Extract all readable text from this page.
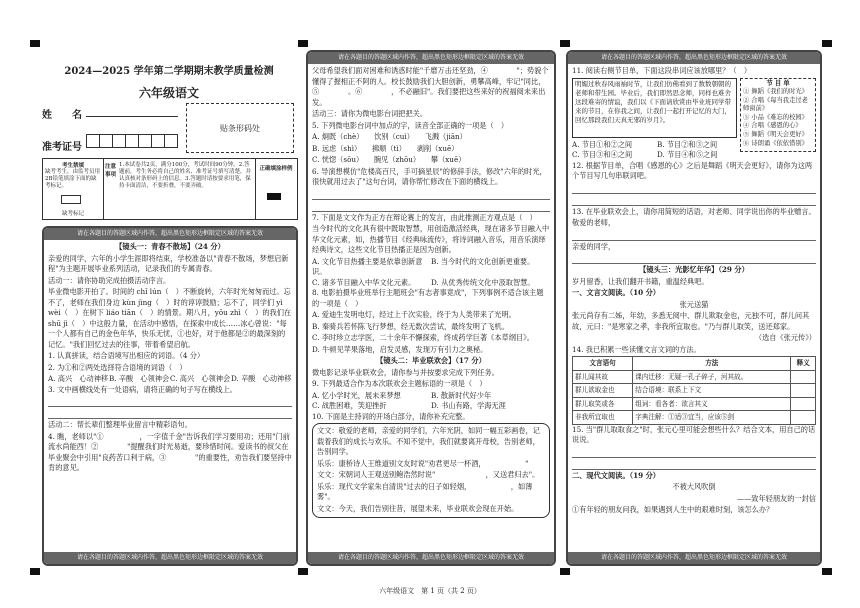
2024—2025 学年第二学期期末教学质量检测
六年级语文
姓　　名
准考证号
贴条形码处
考生禁填
缺考考生，由监考员用2B铅笔填涂下面的缺考标记。
缺考标记
注意事项
1.本试卷共2页，满分100分，考试时间90分钟。2.答题前，考生务必将自己的姓名、准考证号填写清楚，并认真核对条形码上的信息。3.答题时请按要求用笔，保持卡面清洁，不要折叠，不要弄破。
正确填涂样例
请在各题目的答题区域内作答，超出黑色矩形边框限定区域的答案无效

【镜头一：青春不散场】（24 分）

亲爱的同学，六年的小学生涯即将结束，学校准备以"青春不散场，梦想启新程"为主题开展毕业系列活动，记录我们的专属青春。

活动一：请你协助完成拍摄活动序言。

毕业微电影开拍了。时间的 chǐ lún（　）不断旋转，六年时光匆匆而过。忘不了，老师在我们身边 kùn jìng（　）时的谆谆鼓励；忘不了，同学们 yì wèi（　）在树下 liáo tiān（　）的情景。期八月，yǒu zhì（　）的我们在 shū jì（　）中这般力量，在活动中感悟，在探索中成长……冰心曾说："每一个人都有自己的金色年华，快乐无忧，①也好，对于他都是②的最深刻的记忆。"我们回忆过去的往事，带着希望启航。

1. 认真拼读，结合语境写出相应的词语。（4 分）

2. 为①和②两处选择符合语境的词语（　）

A. 高兴　心动神移 B. 辛酸　心领神会 C. 高兴　心领神会 D. 辛酸　心动神移

3. 文中画横线处有一处语病，请将正确的句子写在横线上。

活动二：帮长辈们整理毕业留言中精彩语句。

4. 瞧，老师以"①　　　　　，一字值千金"告诉我们学习要用功；还用"门前流水尚能西！②　　　　"提醒我们时光易逝，要珍惜时间。爱读书的叔父在毕业聚会中引用"良药苦口利于病，③　　　　"的重要性，劝告我们要坚持中肯的意见。

请在各题目的答题区域内作答，超出黑色矩形边框限定区域的答案无效
请在各题目的答题区域内作答，超出黑色矩形边框限定区域的答案无效

父母希望我们面对困难和诱惑时能"千磨万击还坚劲，④　　　　"；势貌个懂得了握相正不阿的人。校长鼓励我们大胆创新，勇攀高峰，牢记"同比，⑤　　　　。⑥　　　　，不必融旧"。我们要把这些来好的祝福阅未来出发。

活动三：请你为微电影台词把把关。

5. 下列微电影台词中加点的字，读音全部正确的一项是（　）

A. 炯既（chè）　　饮别（cuì）　　飞溅（jiān）

B. 远虑（shì）　　拂顺（tì）　　剥削（xuē）

C. 恍惚（sōu）　　腕见（zhōu）　　攀（xuē）

6. 导演想模仿"危楼高百尺，手可摘星辰"的修辞手法，修改"六年的时光，很快就用过去了"这句台词，请你帮忙修改在下面的横线上。

7. 下面是文文作为正方在辩论赛上的发言，由此推测正方观点是（　）

当今时代的文化具有很中既取智慧，用创造激活经典，现在诸多节目融入中华文化元素，如，热播节目《经典咏流传》，将诗词融入音乐，用音乐演绎经典诗文，这些文化节目热播正是因为创新。

A. 文化节目热播主要是依靠创新意识。
B. 当今时代的文化创新更重要。
C. 诸多节目融入中华文化元素。	D. 从优秀传统文化中汲取智慧。

8. 电影拍摄毕业班举行主题班会"有志者事竟成"，下列事例不适合该主题的一项是（　）

A. 爱迪生发明电灯，经过上千次实验，终于为人类带来了光明。

B. 秦骑兵若怀陈飞行梦想，经无数次尝试，最终发明了飞机。

C. 李时珍立志学医，二十余年不懈探索，终成药学巨著《本草纲目》。

D. 牛顿见苹果落地，启发灵感，发现万有引力之奥秘。

【镜头二：毕业联欢会】（17 分）

微电影记录毕业联欢会，请你参与并按要求完成下列任务。

9. 下列最适合作为本次联欢会主题标语的一项是（　）

A. 忆小学时光，展未来梦想	B. 散新时代好少年
C. 战胜困难，笑迎挫折	D. 书山有路，学海无涯

10. 下面是主持词的开场白部分，请你补充完整。

文文：敬爱的老师，亲爱的同学们，六年光阴，如同一幅五彩画卷，记载着我们的成长与欢乐。不知不觉中，我们就要离开母校，告别老师，告别同学。

乐乐：康桥诗人王维道别文友时说"劝君更尽一杯酒，　　　　　　"

文文：宋朝词人王观送别鲍浩然时说"　　　　　　　，又送君归去"。

乐乐：现代文学家朱自清说"过去的日子如轻烟，　　　　　　，如薄雾"。

文文：今天，我们告别往昔，展望未来，毕业联欢会现在开始。

请在各题目的答题区域内作答，超出黑色矩形边框限定区域的答案无效
请在各题目的答题区域内作答，超出黑色矩形边框限定区域的答案无效

11. 阅读右侧节目单，下面这段串词应该放哪里？（　）

明媚过秋春风雨袖时节，让我们仿佛看到了数数朝朝的老师和带生园。毕业后，我们即然思念师，同样也难舍这段难寄的情谊，我们以《下面请欣赏由毕业班同学带来的节目，在你我之间，让我们一起打开记忆的大门，回忆那段我们天真无邪的岁月》。
节 目 单
① 舞蹈《我们的时光》
② 合唱《每当我走过老师窗前》
③ 小品《难忘的校园》
④ 合唱《感恩的心》
⑤ 舞蹈《明天会更好》
⑥ 诗朗诵《依依惜别》
A. 节目①和②之间	B. 节目②和③之间
C. 节目③和④之间	D. 节目④和⑤之间

12. 根据节目单，合唱《感恩的心》之后是舞蹈《明天会更好》，请你为这两个节目写几句串联词吧。

13. 在毕业联欢会上，请你用简短的话语，对老师、同学说出你的毕业赠言。

敬爱的老师，

亲爱的同学，

【镜头三：光影忆年华】（29 分）

岁月留香，让我们翻开书籍，重温经典吧。

一、文言文阅读。（10 分）

张元送猫

张元尚存有二姊，年幼，多悉无阅中、群儿欺取金也，元独不可，群儿问其故，元曰："是寒家之孝，非我所宜取也。"乃与群儿取笑，送还郑家。

（选自《张元传》）

14. 我已积累一些读懂文言文词的方法。

文言语句	方法	释义
群儿闻其故	课内迁移：无疑一孔子碎子，河其故。	
群儿欲取金也	结合语境：联系上下文	
群儿取笑或各	组词：看各者：欲言其义	
非我所宜取也	字典注解：①适③宜当，应该⑤剑	

15. 当"群儿取取食之"时，张元心里可能会想些什么？结合文本，用自己的话说说。

二、现代文阅读。（19 分）

不被大风吹倒

——致年轻朋友的一封信

①有年轻的朋友问我，如果遇到人生中的艰难时刻，该怎么办？

请在各题目的答题区域内作答，超出黑色矩形边框限定区域的答案无效
六年级语文　第 1 页（共 2 页）
